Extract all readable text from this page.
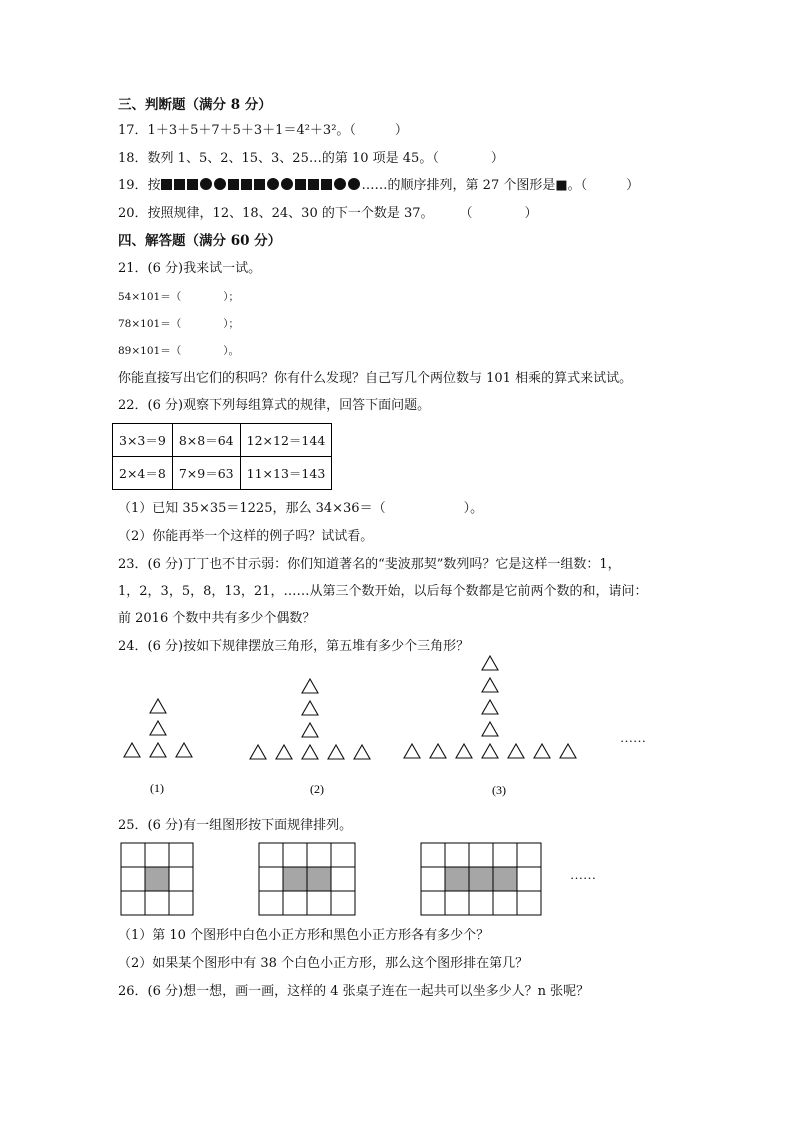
三、判断题（满分 8 分）
17．1＋3＋5＋7＋5＋3＋1＝4²＋3²。（　　　）
18．数列 1、5、2、15、3、25…的第 10 项是 45。（　　　　）
19．按	……的顺序排列，第 27 个图形是■。（　　　）
20．按照规律，12、18、24、30 的下一个数是 37。　　　（　　　　）
四、解答题（满分 60 分）
21．(6 分)我来试一试。
54×101＝（　　　　）；
78×101＝（　　　　）；
89×101＝（　　　　）。
你能直接写出它们的积吗？你有什么发现？自己写几个两位数与 101 相乘的算式来试试。
22．(6 分)观察下列每组算式的规律，回答下面问题。
3×3＝9	8×8＝64	12×12＝144
2×4＝8	7×9＝63	11×13＝143
（1）已知 35×35＝1225，那么 34×36＝（　　　　　　）。
（2）你能再举一个这样的例子吗？试试看。
23．(6 分)丁丁也不甘示弱：你们知道著名的“斐波那契”数列吗？它是这样一组数：1，
1，2，3，5，8，13，21，……从第三个数开始，以后每个数都是它前两个数的和，请问：
前 2016 个数中共有多少个偶数？
24．(6 分)按如下规律摆放三角形，第五堆有多少个三角形？
(1)	(2)	(3)
……
……
25．(6 分)有一组图形按下面规律排列。
（1）第 10 个图形中白色小正方形和黑色小正方形各有多少个？
（2）如果某个图形中有 38 个白色小正方形，那么这个图形排在第几？
26．(6 分)想一想，画一画，这样的 4 张桌子连在一起共可以坐多少人？n 张呢？
